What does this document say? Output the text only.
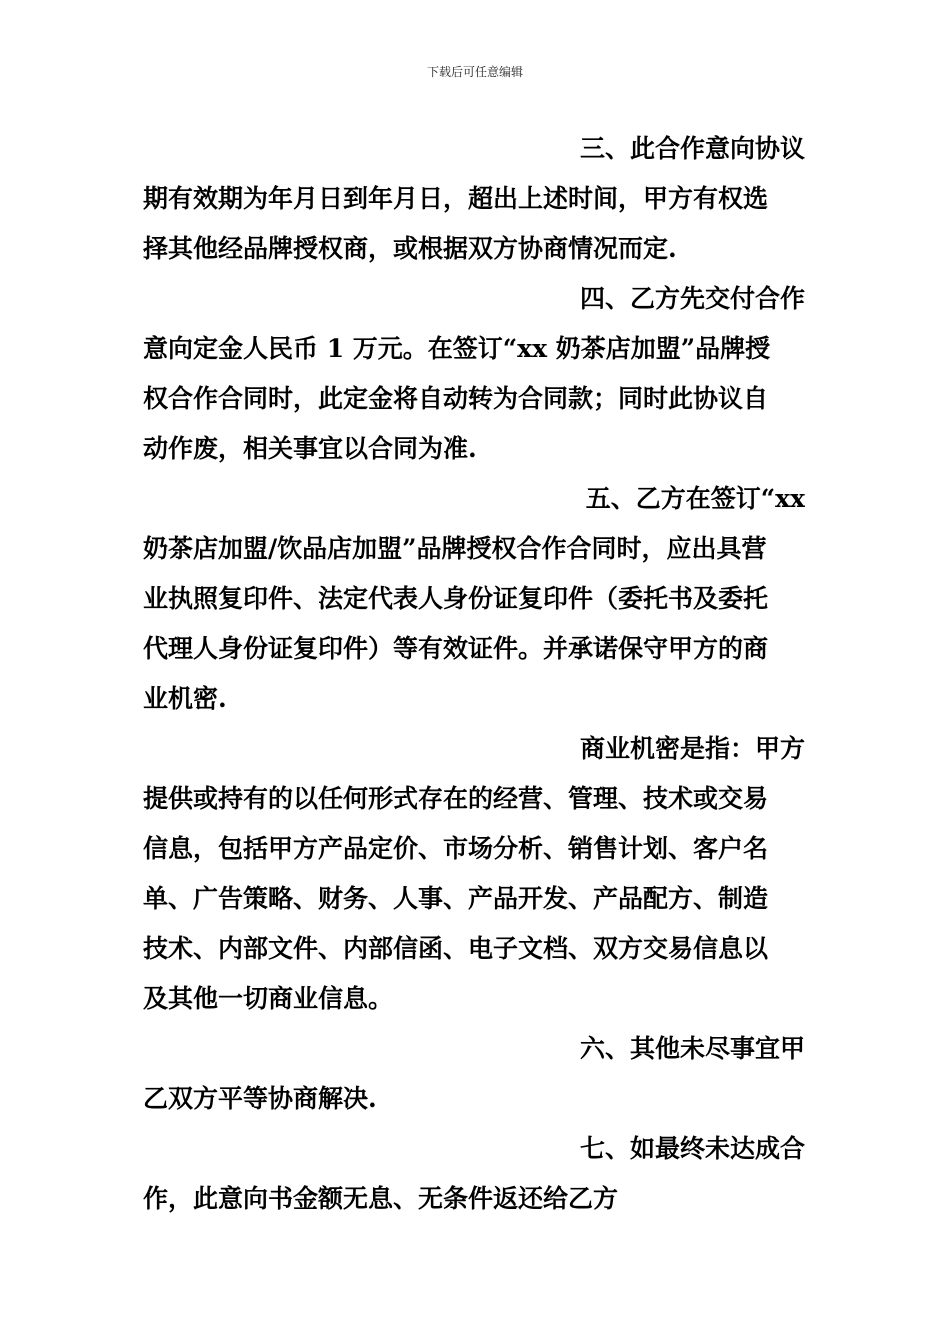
下载后可任意编辑
三、此合作意向协议
期有效期为年月日到年月日，超出上述时间，甲方有权选
择其他经品牌授权商，或根据双方协商情况而定.
四、乙方先交付合作
意向定金人民币 1 万元。在签订“xx 奶茶店加盟”品牌授
权合作合同时，此定金将自动转为合同款；同时此协议自
动作废，相关事宜以合同为准.
五、乙方在签订“xx
奶茶店加盟/饮品店加盟”品牌授权合作合同时，应出具营
业执照复印件、法定代表人身份证复印件（委托书及委托
代理人身份证复印件）等有效证件。并承诺保守甲方的商
业机密.
商业机密是指：甲方
提供或持有的以任何形式存在的经营、管理、技术或交易
信息，包括甲方产品定价、市场分析、销售计划、客户名
单、广告策略、财务、人事、产品开发、产品配方、制造
技术、内部文件、内部信函、电子文档、双方交易信息以
及其他一切商业信息。
六、其他未尽事宜甲
乙双方平等协商解决.
七、如最终未达成合
作，此意向书金额无息、无条件返还给乙方
